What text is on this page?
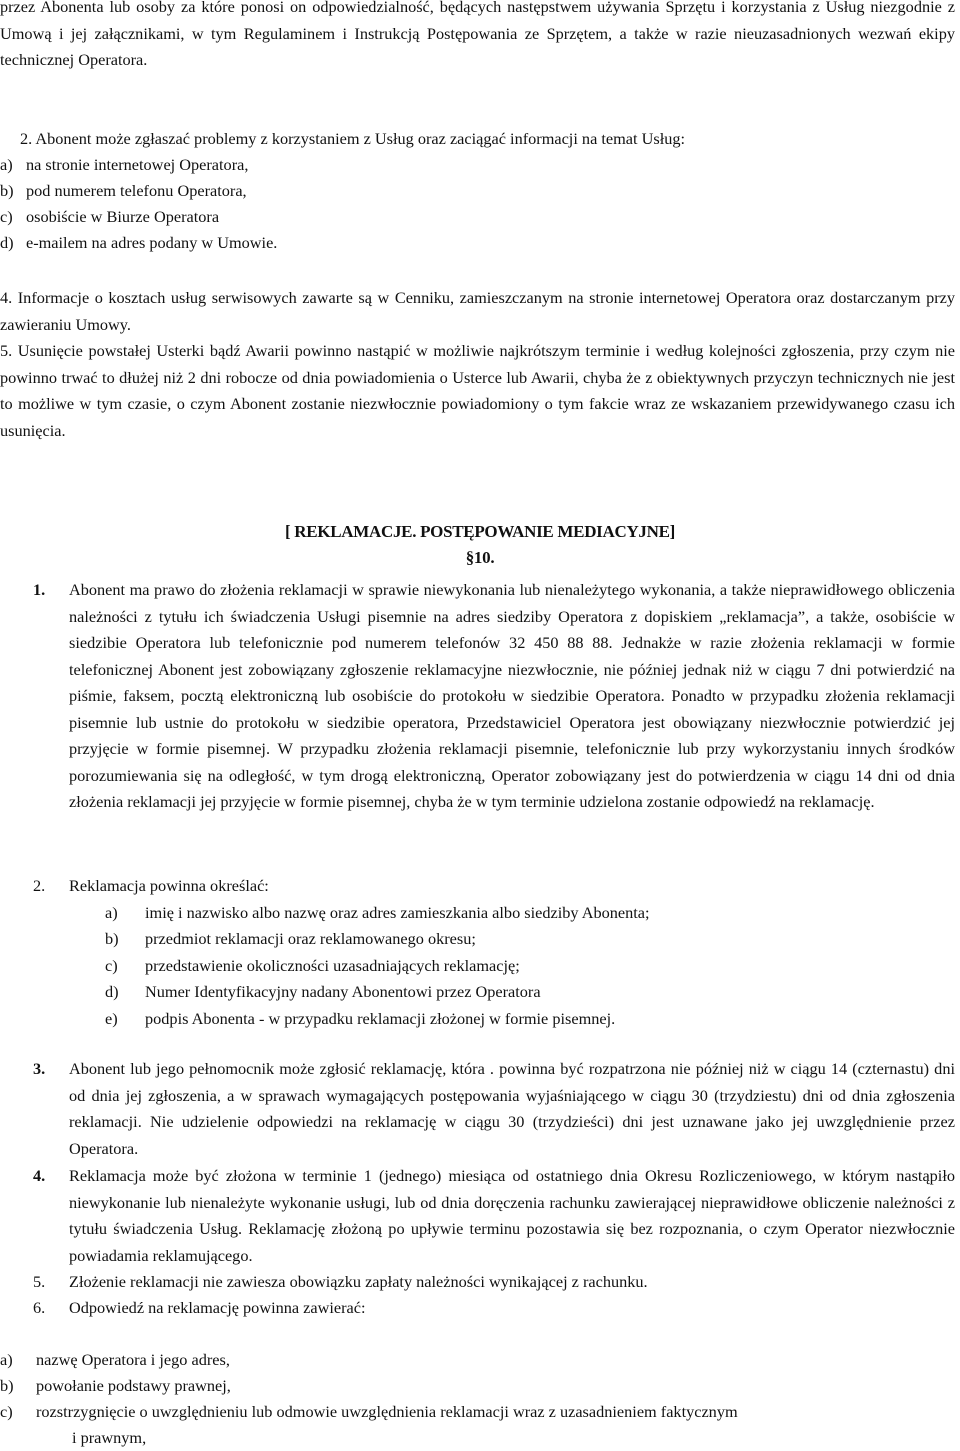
przez Abonenta lub osoby za które ponosi on odpowiedzialność, będących następstwem używania Sprzętu i korzystania z Usług niezgodnie z Umową i jej załącznikami, w tym Regulaminem i Instrukcją Postępowania ze Sprzętem, a także w razie nieuzasadnionych wezwań ekipy technicznej Operatora.
2. Abonent może zgłaszać problemy z korzystaniem z Usług oraz zaciągać informacji na temat Usług:
a) na stronie internetowej Operatora,
b) pod numerem telefonu Operatora,
c) osobiście w Biurze Operatora
d) e-mailem na adres podany w Umowie.
4. Informacje o kosztach usług serwisowych zawarte są w Cenniku, zamieszczanym na stronie internetowej Operatora oraz dostarczanym przy zawieraniu Umowy.
5. Usunięcie powstałej Usterki bądź Awarii powinno nastąpić w możliwie najkrótszym terminie i według kolejności zgłoszenia, przy czym nie powinno trwać to dłużej niż 2 dni robocze od dnia powiadomienia o Usterce lub Awarii, chyba że z obiektywnych przyczyn technicznych nie jest to możliwe w tym czasie, o czym Abonent zostanie niezwłocznie powiadomiony o tym fakcie wraz ze wskazaniem przewidywanego czasu ich usunięcia.
[ REKLAMACJE. POSTĘPOWANIE MEDIACYJNE]
§10.
1. Abonent ma prawo do złożenia reklamacji w sprawie niewykonania lub nienależytego wykonania, a także nieprawidłowego obliczenia należności z tytułu ich świadczenia Usługi pisemnie na adres siedziby Operatora z dopiskiem „reklamacja”, a także, osobiście w siedzibie Operatora lub telefonicznie pod numerem telefonów 32 450 88 88. Jednakże w razie złożenia reklamacji w formie telefonicznej Abonent jest zobowiązany zgłoszenie reklamacyjne niezwłocznie, nie później jednak niż w ciągu 7 dni potwierdzić na piśmie, faksem, pocztą elektroniczną lub osobiście do protokołu w siedzibie Operatora. Ponadto w przypadku złożenia reklamacji pisemnie lub ustnie do protokołu w siedzibie operatora, Przedstawiciel Operatora jest obowiązany niezwłocznie potwierdzić jej przyjęcie w formie pisemnej. W przypadku złożenia reklamacji pisemnie, telefonicznie lub przy wykorzystaniu innych środków porozumiewania się na odległość, w tym drogą elektroniczną, Operator zobowiązany jest do potwierdzenia w ciągu 14 dni od dnia złożenia reklamacji jej przyjęcie w formie pisemnej, chyba że w tym terminie udzielona zostanie odpowiedź na reklamację.
2. Reklamacja powinna określać:
a) imię i nazwisko albo nazwę oraz adres zamieszkania albo siedziby Abonenta;
b) przedmiot reklamacji oraz reklamowanego okresu;
c) przedstawienie okoliczności uzasadniających reklamację;
d) Numer Identyfikacyjny nadany Abonentowi przez Operatora
e) podpis Abonenta - w przypadku reklamacji złożonej w formie pisemnej.
3. Abonent lub jego pełnomocnik może zgłosić reklamację, która . powinna być rozpatrzona nie później niż w ciągu 14 (czternastu) dni od dnia jej zgłoszenia, a w sprawach wymagających postępowania wyjaśniającego w ciągu 30 (trzydziestu) dni od dnia zgłoszenia reklamacji. Nie udzielenie odpowiedzi na reklamację w ciągu 30 (trzydzieści) dni jest uznawane jako jej uwzględnienie przez Operatora.
4. Reklamacja może być złożona w terminie 1 (jednego) miesiąca od ostatniego dnia Okresu Rozliczeniowego, w którym nastąpiło niewykonanie lub nienależyte wykonanie usługi, lub od dnia doręczenia rachunku zawierającej nieprawidłowe obliczenie należności z tytułu świadczenia Usług. Reklamację złożoną po upływie terminu pozostawia się bez rozpoznania, o czym Operator niezwłocznie powiadamia reklamującego.
5. Złożenie reklamacji nie zawiesza obowiązku zapłaty należności wynikającej z rachunku.
6. Odpowiedź na reklamację powinna zawierać:
a) nazwę Operatora i jego adres,
b) powołanie podstawy prawnej,
c) rozstrzygnięcie o uwzględnieniu lub odmowie uwzględnienia reklamacji wraz z uzasadnieniem faktycznym
i prawnym,
